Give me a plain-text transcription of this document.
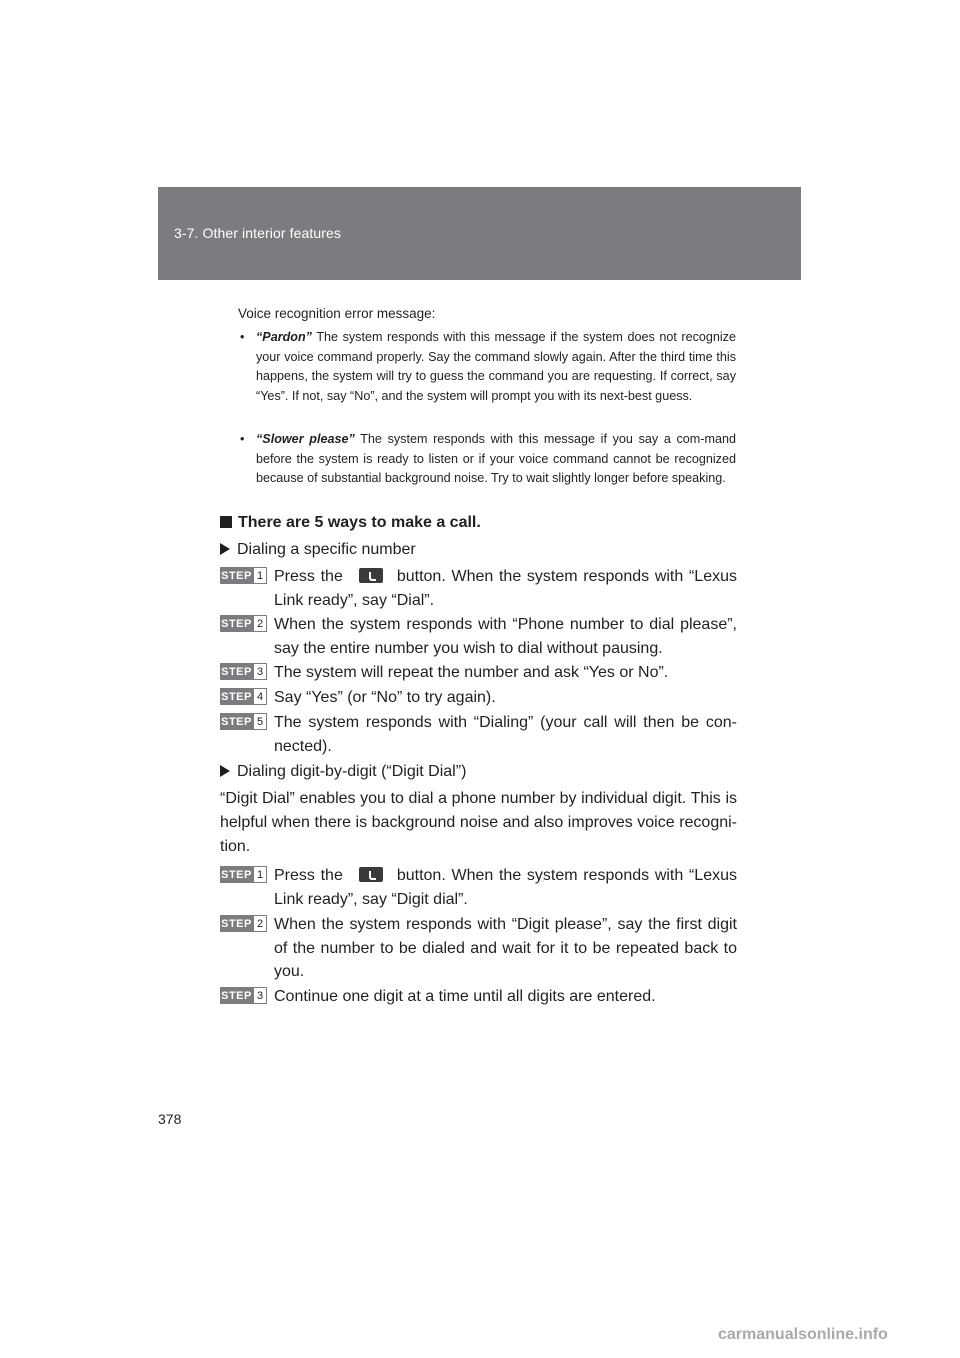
3-7. Other interior features
Voice recognition error message:
• “Pardon” The system responds with this message if the system does not recognize your voice command properly. Say the command slowly again. After the third time this happens, the system will try to guess the command you are requesting. If correct, say “Yes”. If not, say “No”, and the system will prompt you with its next-best guess.
• “Slower please” The system responds with this message if you say a com-mand before the system is ready to listen or if your voice command cannot be recognized because of substantial background noise. Try to wait slightly longer before speaking.
There are 5 ways to make a call.
Dialing a specific number
STEP 1 Press the	button. When the system responds with “Lexus Link ready”, say “Dial”.
STEP 2 When the system responds with “Phone number to dial please”, say the entire number you wish to dial without pausing.
STEP 3 The system will repeat the number and ask “Yes or No”.
STEP 4 Say “Yes” (or “No” to try again).
STEP 5 The system responds with “Dialing” (your call will then be con-nected).
Dialing digit-by-digit (“Digit Dial”)
“Digit Dial” enables you to dial a phone number by individual digit. This is helpful when there is background noise and also improves voice recogni-tion.
STEP 1 Press the	button. When the system responds with “Lexus Link ready”, say “Digit dial”.
STEP 2 When the system responds with “Digit please”, say the first digit of the number to be dialed and wait for it to be repeated back to you.
STEP 3 Continue one digit at a time until all digits are entered.
378
carmanualsonline.info
